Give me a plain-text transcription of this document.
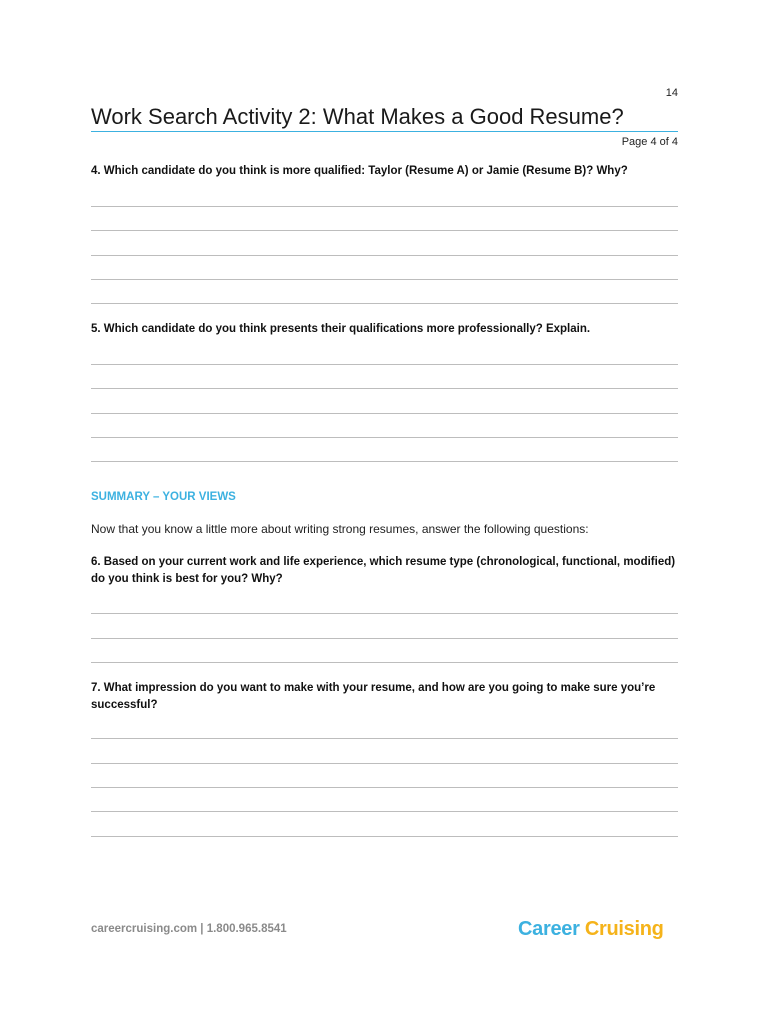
14
Work Search Activity 2: What Makes a Good Resume?
Page 4 of 4

4. Which candidate do you think is more qualified: Taylor (Resume A) or Jamie (Resume B)? Why?

5. Which candidate do you think presents their qualifications more professionally? Explain.

SUMMARY – YOUR VIEWS

Now that you know a little more about writing strong resumes, answer the following questions:

6. Based on your current work and life experience, which resume type (chronological, functional, modified) do you think is best for you? Why?

7. What impression do you want to make with your resume, and how are you going to make sure you’re successful?

careercruising.com | 1.800.965.8541	Career Cruising
